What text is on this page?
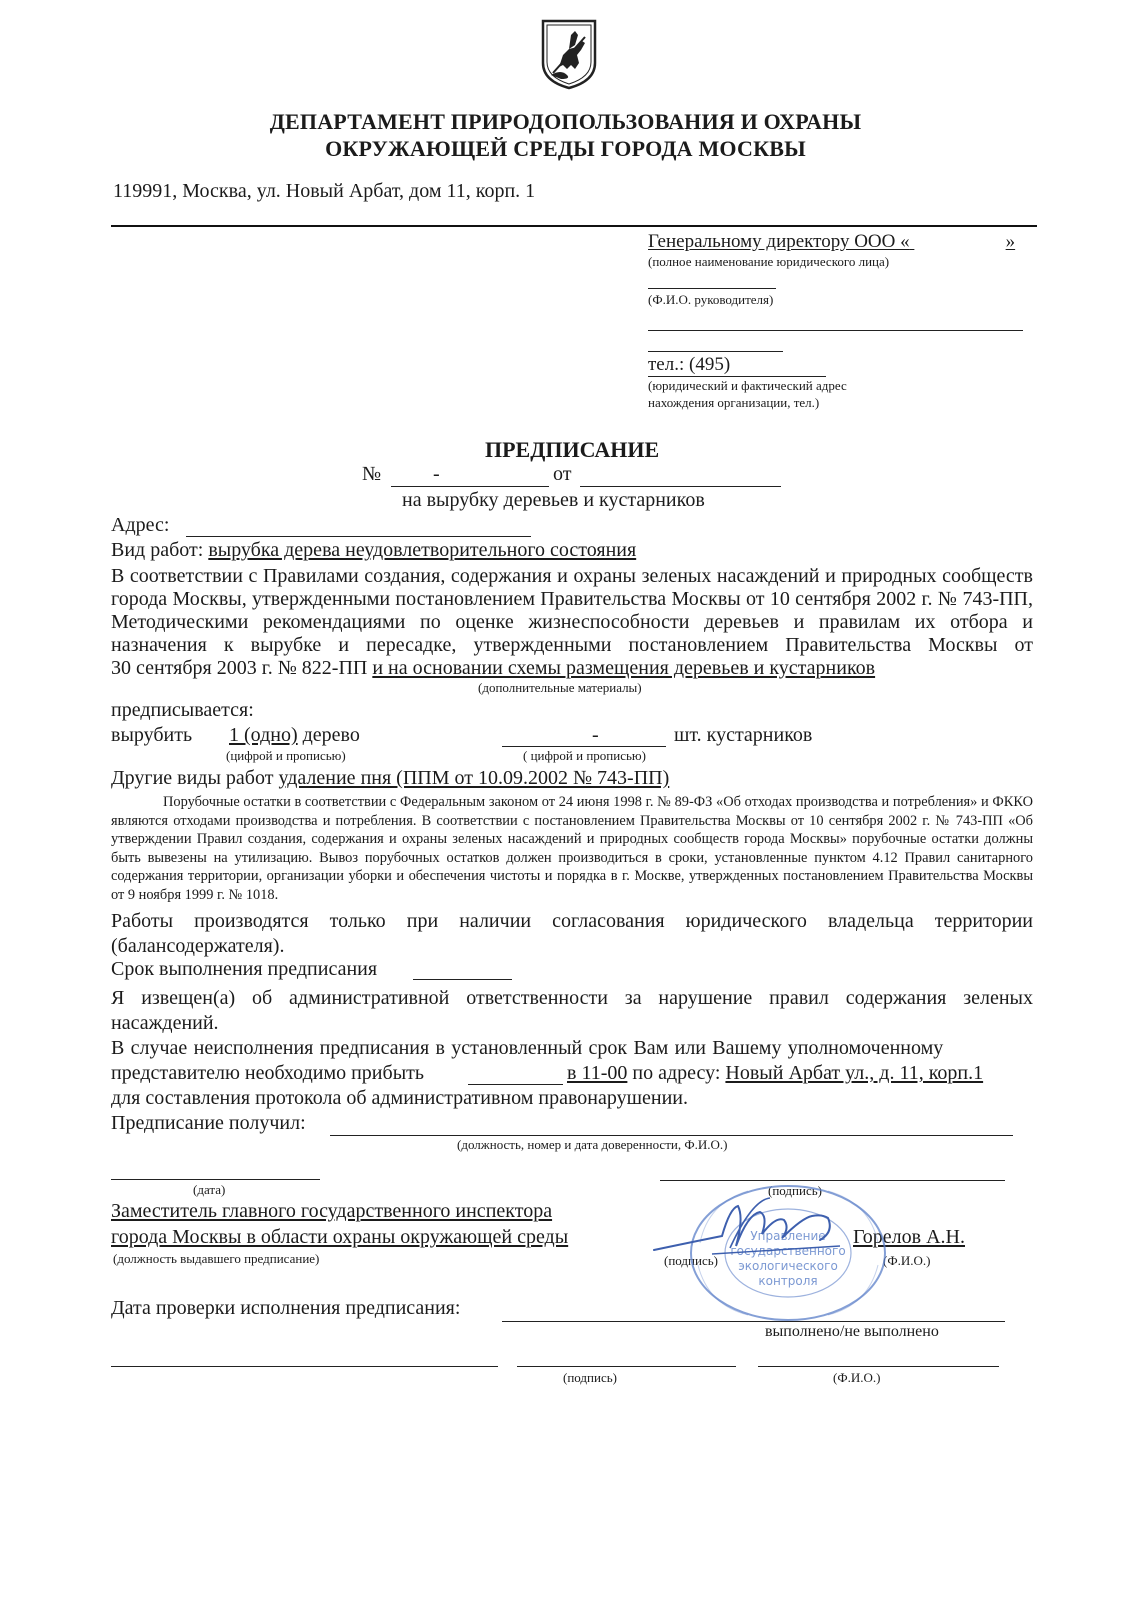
ДЕПАРТАМЕНТ ПРИРОДОПОЛЬЗОВАНИЯ И ОХРАНЫ
ОКРУЖАЮЩЕЙ СРЕДЫ ГОРОДА МОСКВЫ
119991, Москва, ул. Новый Арбат, дом 11, корп. 1
Генеральному директору ООО «	»
(полное наименование юридического лица)
(Ф.И.О. руководителя)
тел.: (495)
(юридический и фактический адрес
нахождения организации, тел.)
ПРЕДПИСАНИЕ
№	-	от
на вырубку деревьев и кустарников
Адрес:
Вид работ: вырубка дерева неудовлетворительного состояния
В соответствии с Правилами создания, содержания и охраны зеленых насаждений и природных сообществ города Москвы, утвержденными постановлением Правительства Москвы от 10 сентября 2002 г. № 743-ПП, Методическими рекомендациями по оценке жизнеспособности деревьев и правилам их отбора и назначения к вырубке и пересадке, утвержденными постановлением Правительства Москвы от
30 сентября 2003 г. № 822-ПП и на основании схемы размещения деревьев и кустарников
(дополнительные материалы)
предписывается:
вырубить 1 (одно) дерево
(цифрой и прописью)
-	шт. кустарников
( цифрой и прописью)
Другие виды работ удаление пня (ППМ от 10.09.2002 № 743-ПП)
Порубочные остатки в соответствии с Федеральным законом от 24 июня 1998 г. № 89-ФЗ «Об отходах производства и потребления» и ФККО являются отходами производства и потребления. В соответствии с постановлением Правительства Москвы от 10 сентября 2002 г. № 743-ПП «Об утверждении Правил создания, содержания и охраны зеленых насаждений и природных сообществ города Москвы» порубочные остатки должны быть вывезены на утилизацию. Вывоз порубочных остатков должен производиться в сроки, установленные пунктом 4.12 Правил санитарного содержания территории, организации уборки и обеспечения чистоты и порядка в г. Москве, утвержденных постановлением Правительства Москвы от 9 ноября 1999 г. № 1018.
Работы производятся только при наличии согласования юридического владельца территории (балансодержателя).
Срок выполнения предписания
Я извещен(а) об административной ответственности за нарушение правил содержания зеленых насаждений.
В случае неисполнения предписания в установленный срок Вам или Вашему уполномоченному
представителю необходимо прибыть	в 11-00 по адресу: Новый Арбат ул., д. 11, корп.1
для составления протокола об административном правонарушении.
Предписание получил:
(должность, номер и дата доверенности, Ф.И.О.)
(дата)	(подпись)
Заместитель главного государственного инспектора
города Москвы в области охраны окружающей среды
(должность выдавшего предписание)	(подпись)
Горелов А.Н.
(Ф.И.О.)
Управление
государственного
экологического
контроля
Дата проверки исполнения предписания:
выполнено/не выполнено
(подпись)	(Ф.И.О.)
